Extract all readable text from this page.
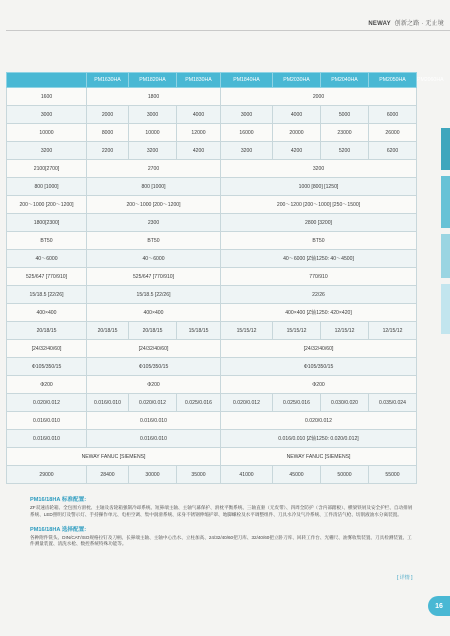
NEWAY 创新之路 · 无止境
	PM1630HA	PM1820HA	PM1830HA	PM1840HA	PM2030HA	PM2040HA	PM2050HA	PM2060HA
1600	1800			2000				
3000	2000	3000	4000	3000	4000	5000	6000	
10000	8000	10000	12000	16000	20000	23000	26000	
3200	2200	3200	4200	3200	4200	5200	6200	
2100[2700]	2700			3200				
800 [1000]	800 [1000]			1000 [800] [1250]				
200～1000 [200～1200]	200～1000 [200～1200]			200～1200 [200～1000] [250～1500]				
1800[2300]	2300			2800 [3200]				
BT50	BT50			BT50				
40～6000	40～6000			40～6000 [Z轴1250: 40～4500]				
525/647 [770/910]	525/647 [770/910]			770/910				
15/18.5 [22/26]	15/18.5 [22/26]			22/26				
400×400	400×400			400×400 [Z轴1250: 420×420]				
20/18/15	20/18/15	20/18/15	15/18/15	15/15/12	15/15/12	12/15/12	12/15/12	
[24/32/40/60]	[24/32/40/60]			[24/32/40/60]				
Φ105/350/15	Φ105/350/15			Φ105/350/15				
Φ200	Φ200			Φ200				
0.020/0.012	0.016/0.010	0.020/0.012	0.025/0.016	0.020/0.012	0.025/0.016	0.030/0.020	0.035/0.024	
0.016/0.010	0.016/0.010			0.020/0.012				
0.016/0.010	0.016/0.010			0.016/0.010 [Z轴1250: 0.020/0.012]				
NEWAY FANUC [SIEMENS]				NEWAY FANUC [SIEMENS]				
29000	28400	30000	35000	41000	45000	50000	55000	
PM16/18HA 标准配置:

ZF双速齿轮箱、全包围方滑枕、主轴及齿轮箱强制冷却系统、短鼻端主轴、主轴气幕保护、滑枕平衡系统、三轴直驱（无皮带）、四周全防护（含内部踏板）、横梁铁屑及安全护栏、自动排屑系统、LED照明灯及警示灯、手持操作单元、电柜空调、集中润滑系统、床身不锈钢伸缩护罩、地脚螺栓及水平调整组件、刀具水冷及气冷系统、工件清洁气枪、切削液油水分离装置。

PM16/18HA 选择配置:

各种附件铣头、DIN/CAT/ISO规格拉钉及刀柄、长鼻端主轴、主轴中心出水、立柱加高、24/32/40/60把刀库、32/40/60把立卧刀库、回转工作台、光栅尺、油雾收集装置、刀具检测装置、工件测量装置、清洗水枪、数控系统特殊功能等。

[ 详情 ]
16
